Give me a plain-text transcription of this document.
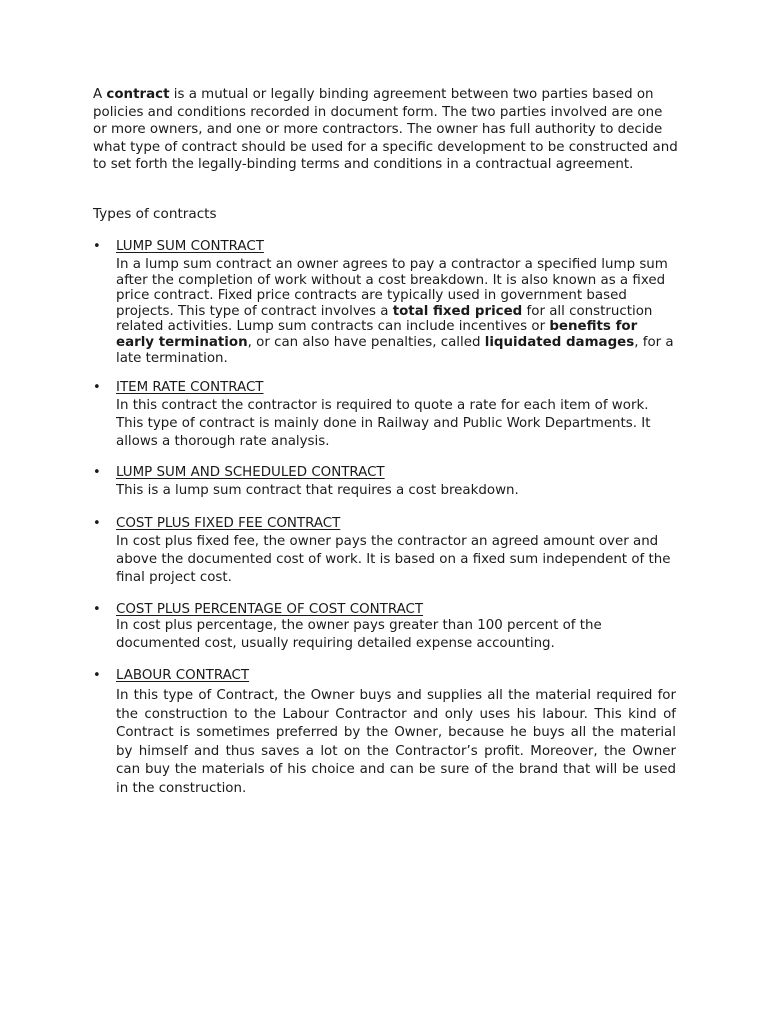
A contract is a mutual or legally binding agreement between two parties based on policies and conditions recorded in document form. The two parties involved are one or more owners, and one or more contractors. The owner has full authority to decide what type of contract should be used for a specific development to be constructed and to set forth the legally-binding terms and conditions in a contractual agreement.
Types of contracts
•	LUMP SUM CONTRACT
In a lump sum contract an owner agrees to pay a contractor a specified lump sum after the completion of work without a cost breakdown. It is also known as a fixed price contract. Fixed price contracts are typically used in government based projects. This type of contract involves a total fixed priced for all construction related activities. Lump sum contracts can include incentives or benefits for early termination, or can also have penalties, called liquidated damages, for a late termination.
•	ITEM RATE CONTRACT
In this contract the contractor is required to quote a rate for each item of work. This type of contract is mainly done in Railway and Public Work Departments. It allows a thorough rate analysis.
•	LUMP SUM AND SCHEDULED CONTRACT
This is a lump sum contract that requires a cost breakdown.
•	COST PLUS FIXED FEE CONTRACT
In cost plus fixed fee, the owner pays the contractor an agreed amount over and above the documented cost of work. It is based on a fixed sum independent of the final project cost.
•	COST PLUS PERCENTAGE OF COST CONTRACT
In cost plus percentage, the owner pays greater than 100 percent of the documented cost, usually requiring detailed expense accounting.
•	LABOUR CONTRACT
In this type of Contract, the Owner buys and supplies all the material required for the construction to the Labour Contractor and only uses his labour. This kind of Contract is sometimes preferred by the Owner, because he buys all the material by himself and thus saves a lot on the Contractor’s profit. Moreover, the Owner can buy the materials of his choice and can be sure of the brand that will be used in the construction.
